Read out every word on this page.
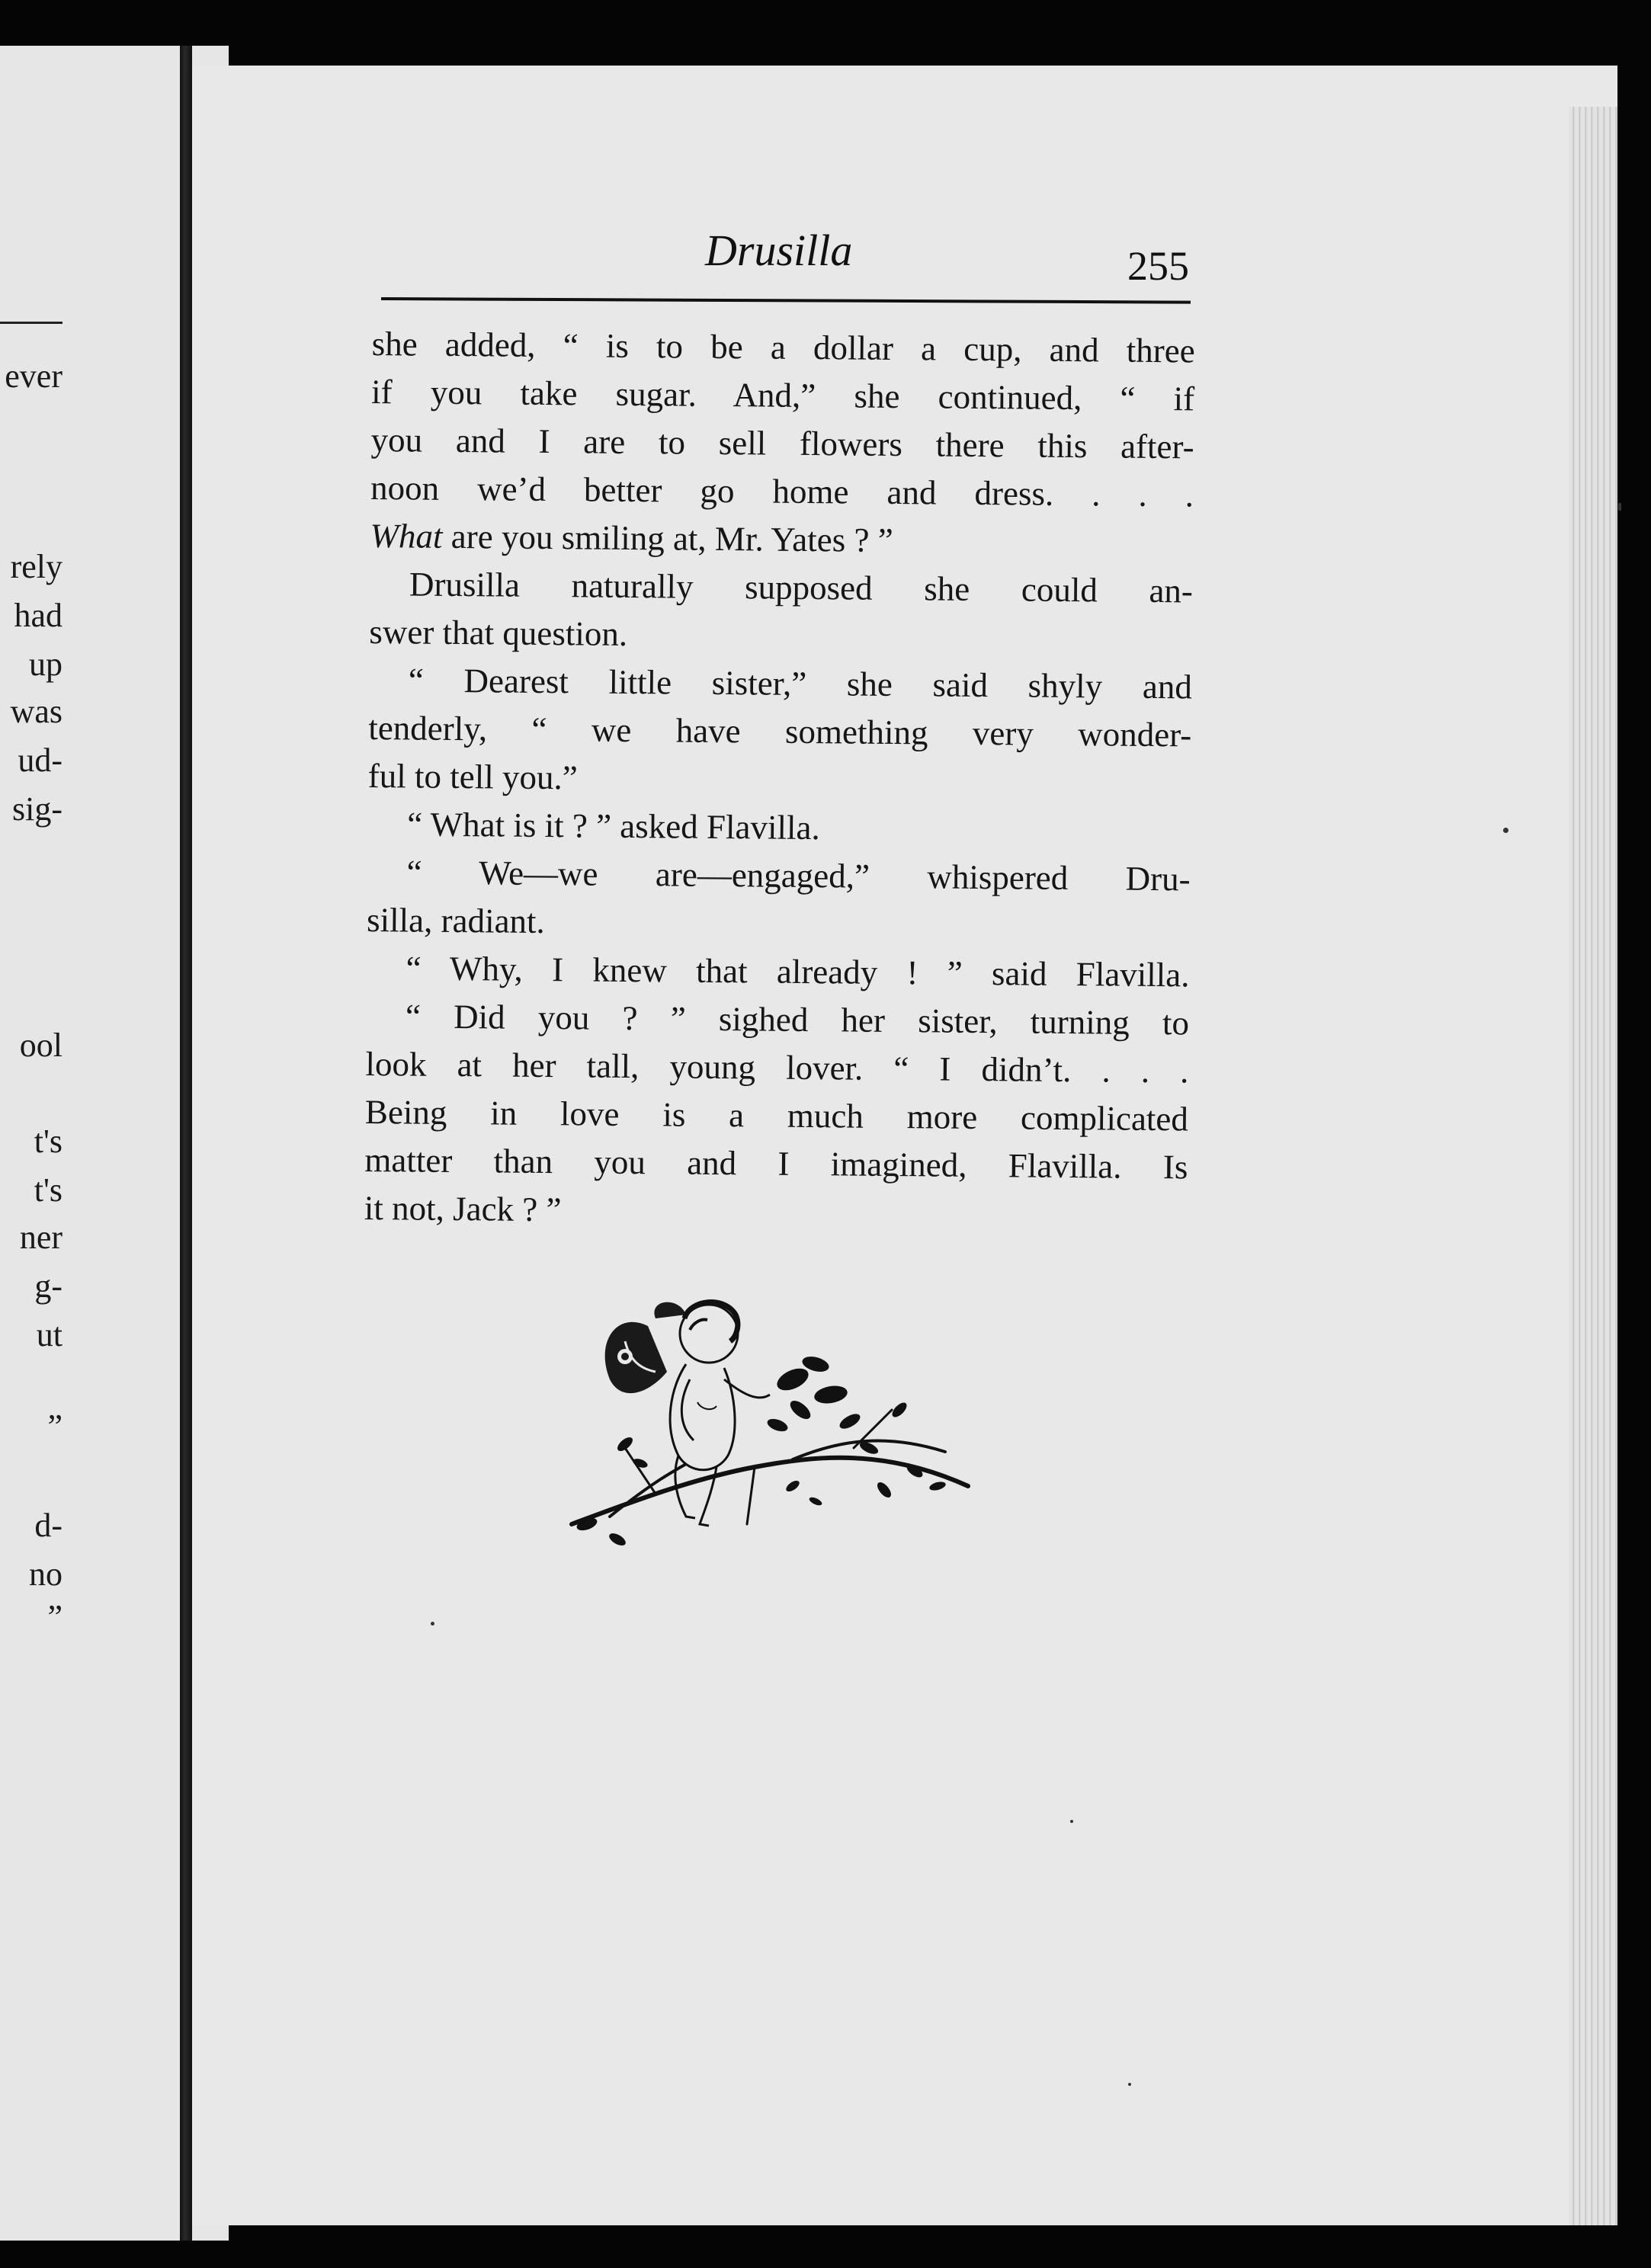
ever
rely
had
up
was
ud-
sig-
ool
t's
t's
ner
g-
ut
”
d-
no
”
Drusilla	255
she added, “ is to be a dollar a cup, and three
if you take sugar. And,” she continued, “ if
you and I are to sell flowers there this after-
noon we’d better go home and dress. . . .
What are you smiling at, Mr. Yates ? ”
Drusilla naturally supposed she could an-
swer that question.
“ Dearest little sister,” she said shyly and
tenderly, “ we have something very wonder-
ful to tell you.”
“ What is it ? ” asked Flavilla.
“ We—we are—engaged,” whispered Dru-
silla, radiant.
“ Why, I knew that already ! ” said Flavilla.
“ Did you ? ” sighed her sister, turning to
look at her tall, young lover. “ I didn’t. . . .
Being in love is a much more complicated
matter than you and I imagined, Flavilla. Is
it not, Jack ? ”
